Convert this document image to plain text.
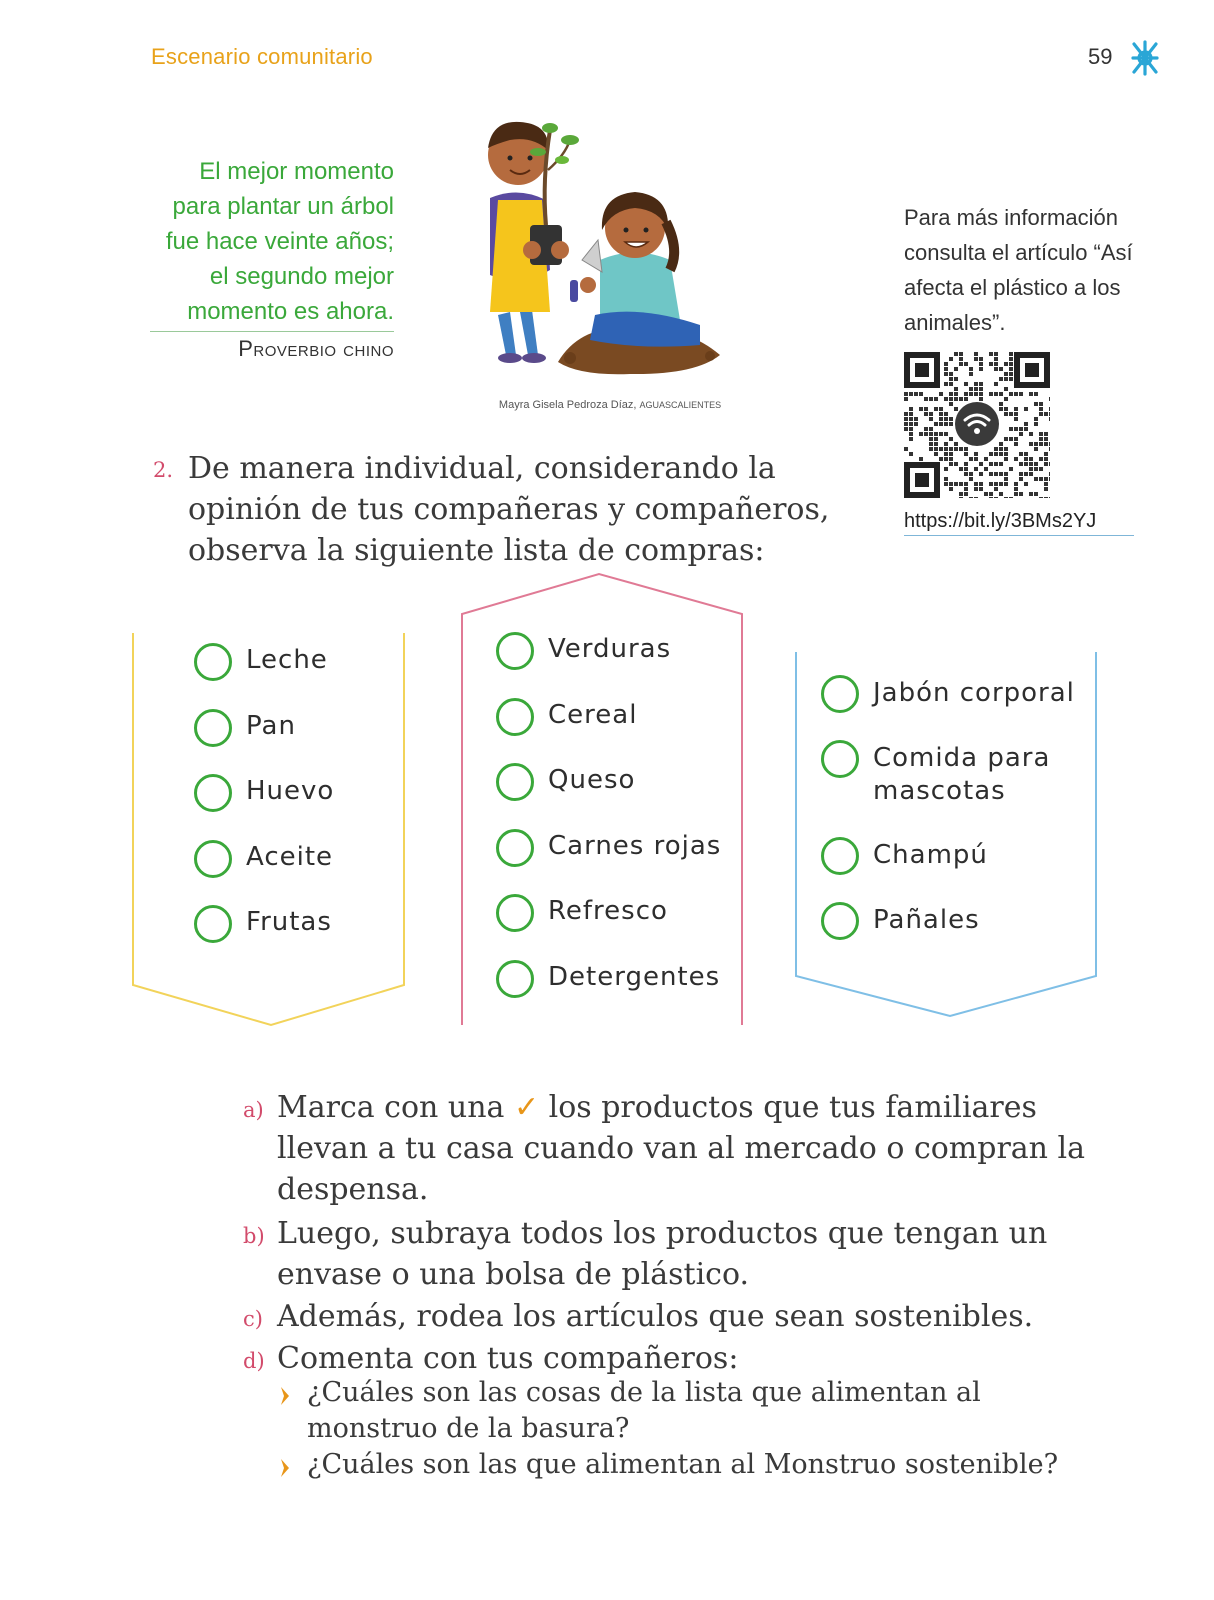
Escenario comunitario	59
El mejor momento
para plantar un árbol
fue hace veinte años;
el segundo mejor
momento es ahora.
Proverbio chino
Mayra Gisela Pedroza Díaz, AGUASCALIENTES
Para más información
consulta el artículo “Así
afecta el plástico a los
animales”.
https://bit.ly/3BMs2YJ
2. De manera individual, considerando la
opinión de tus compañeras y compañeros,
observa la siguiente lista de compras:
Leche
Pan
Huevo
Aceite
Frutas
Verduras
Cereal
Queso
Carnes rojas
Refresco
Detergentes
Jabón corporal
Comida para
mascotas
Champú
Pañales
a) Marca con una ✓ los productos que tus familiares
llevan a tu casa cuando van al mercado o compran la
despensa.
b) Luego, subraya todos los productos que tengan un
envase o una bolsa de plástico.
c) Además, rodea los artículos que sean sostenibles.
d) Comenta con tus compañeros:
¿Cuáles son las cosas de la lista que alimentan al
monstruo de la basura?
¿Cuáles son las que alimentan al Monstruo sostenible?
